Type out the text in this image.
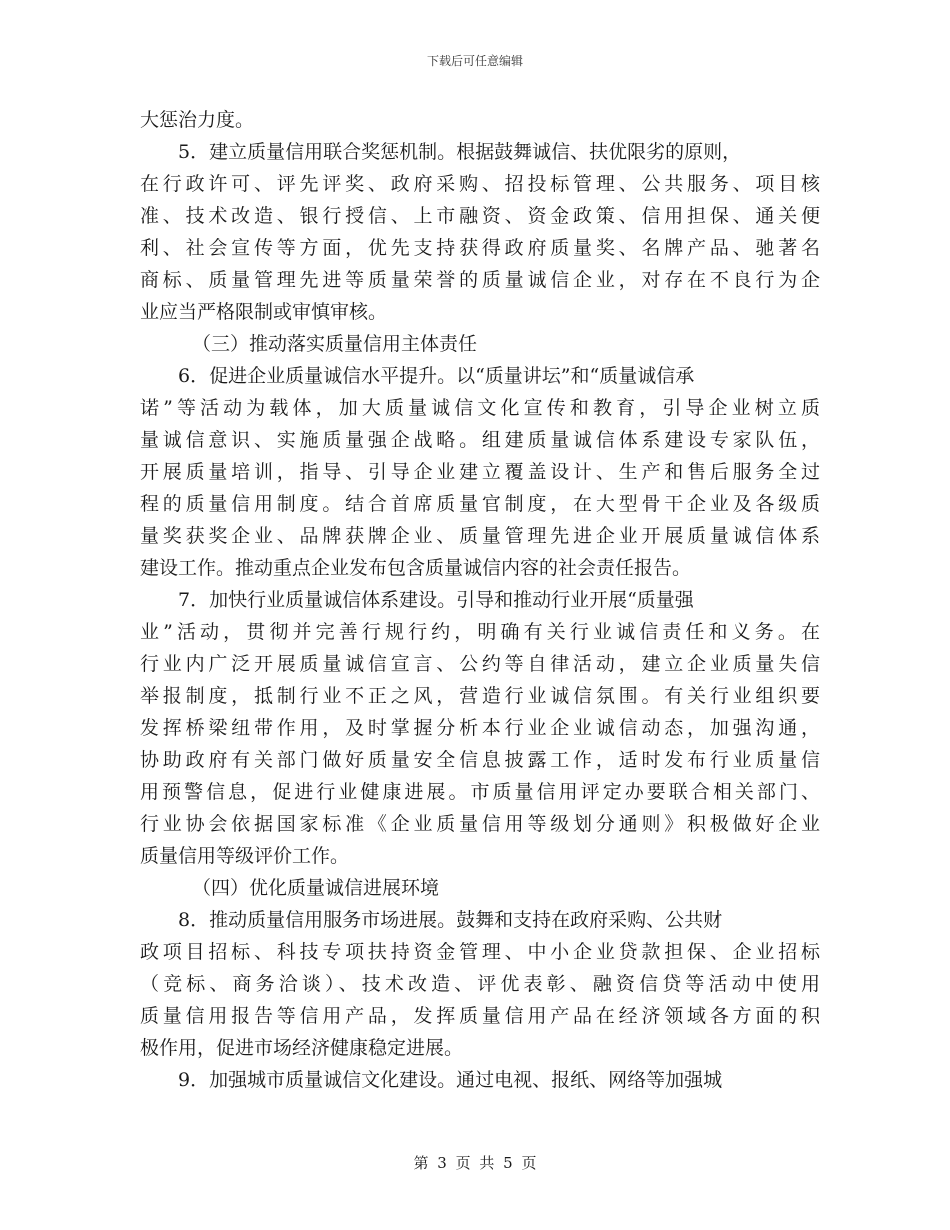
下载后可任意编辑
大惩治力度。
5．建立质量信用联合奖惩机制。根据鼓舞诚信、扶优限劣的原则，
在行政许可、评先评奖、政府采购、招投标管理、公共服务、项目核
准、技术改造、银行授信、上市融资、资金政策、信用担保、通关便
利、社会宣传等方面，优先支持获得政府质量奖、名牌产品、驰著名
商标、质量管理先进等质量荣誉的质量诚信企业，对存在不良行为企
业应当严格限制或审慎审核。
（三）推动落实质量信用主体责任
6．促进企业质量诚信水平提升。以“质量讲坛”和“质量诚信承
诺”等活动为载体，加大质量诚信文化宣传和教育，引导企业树立质
量诚信意识、实施质量强企战略。组建质量诚信体系建设专家队伍，
开展质量培训，指导、引导企业建立覆盖设计、生产和售后服务全过
程的质量信用制度。结合首席质量官制度，在大型骨干企业及各级质
量奖获奖企业、品牌获牌企业、质量管理先进企业开展质量诚信体系
建设工作。推动重点企业发布包含质量诚信内容的社会责任报告。
7．加快行业质量诚信体系建设。引导和推动行业开展“质量强
业”活动，贯彻并完善行规行约，明确有关行业诚信责任和义务。在
行业内广泛开展质量诚信宣言、公约等自律活动，建立企业质量失信
举报制度，抵制行业不正之风，营造行业诚信氛围。有关行业组织要
发挥桥梁纽带作用，及时掌握分析本行业企业诚信动态，加强沟通，
协助政府有关部门做好质量安全信息披露工作，适时发布行业质量信
用预警信息，促进行业健康进展。市质量信用评定办要联合相关部门、
行业协会依据国家标准《企业质量信用等级划分通则》积极做好企业
质量信用等级评价工作。
（四）优化质量诚信进展环境
8．推动质量信用服务市场进展。鼓舞和支持在政府采购、公共财
政项目招标、科技专项扶持资金管理、中小企业贷款担保、企业招标
（竞标、商务洽谈）、技术改造、评优表彰、融资信贷等活动中使用
质量信用报告等信用产品，发挥质量信用产品在经济领域各方面的积
极作用，促进市场经济健康稳定进展。
9．加强城市质量诚信文化建设。通过电视、报纸、网络等加强城
第 3 页 共 5 页
